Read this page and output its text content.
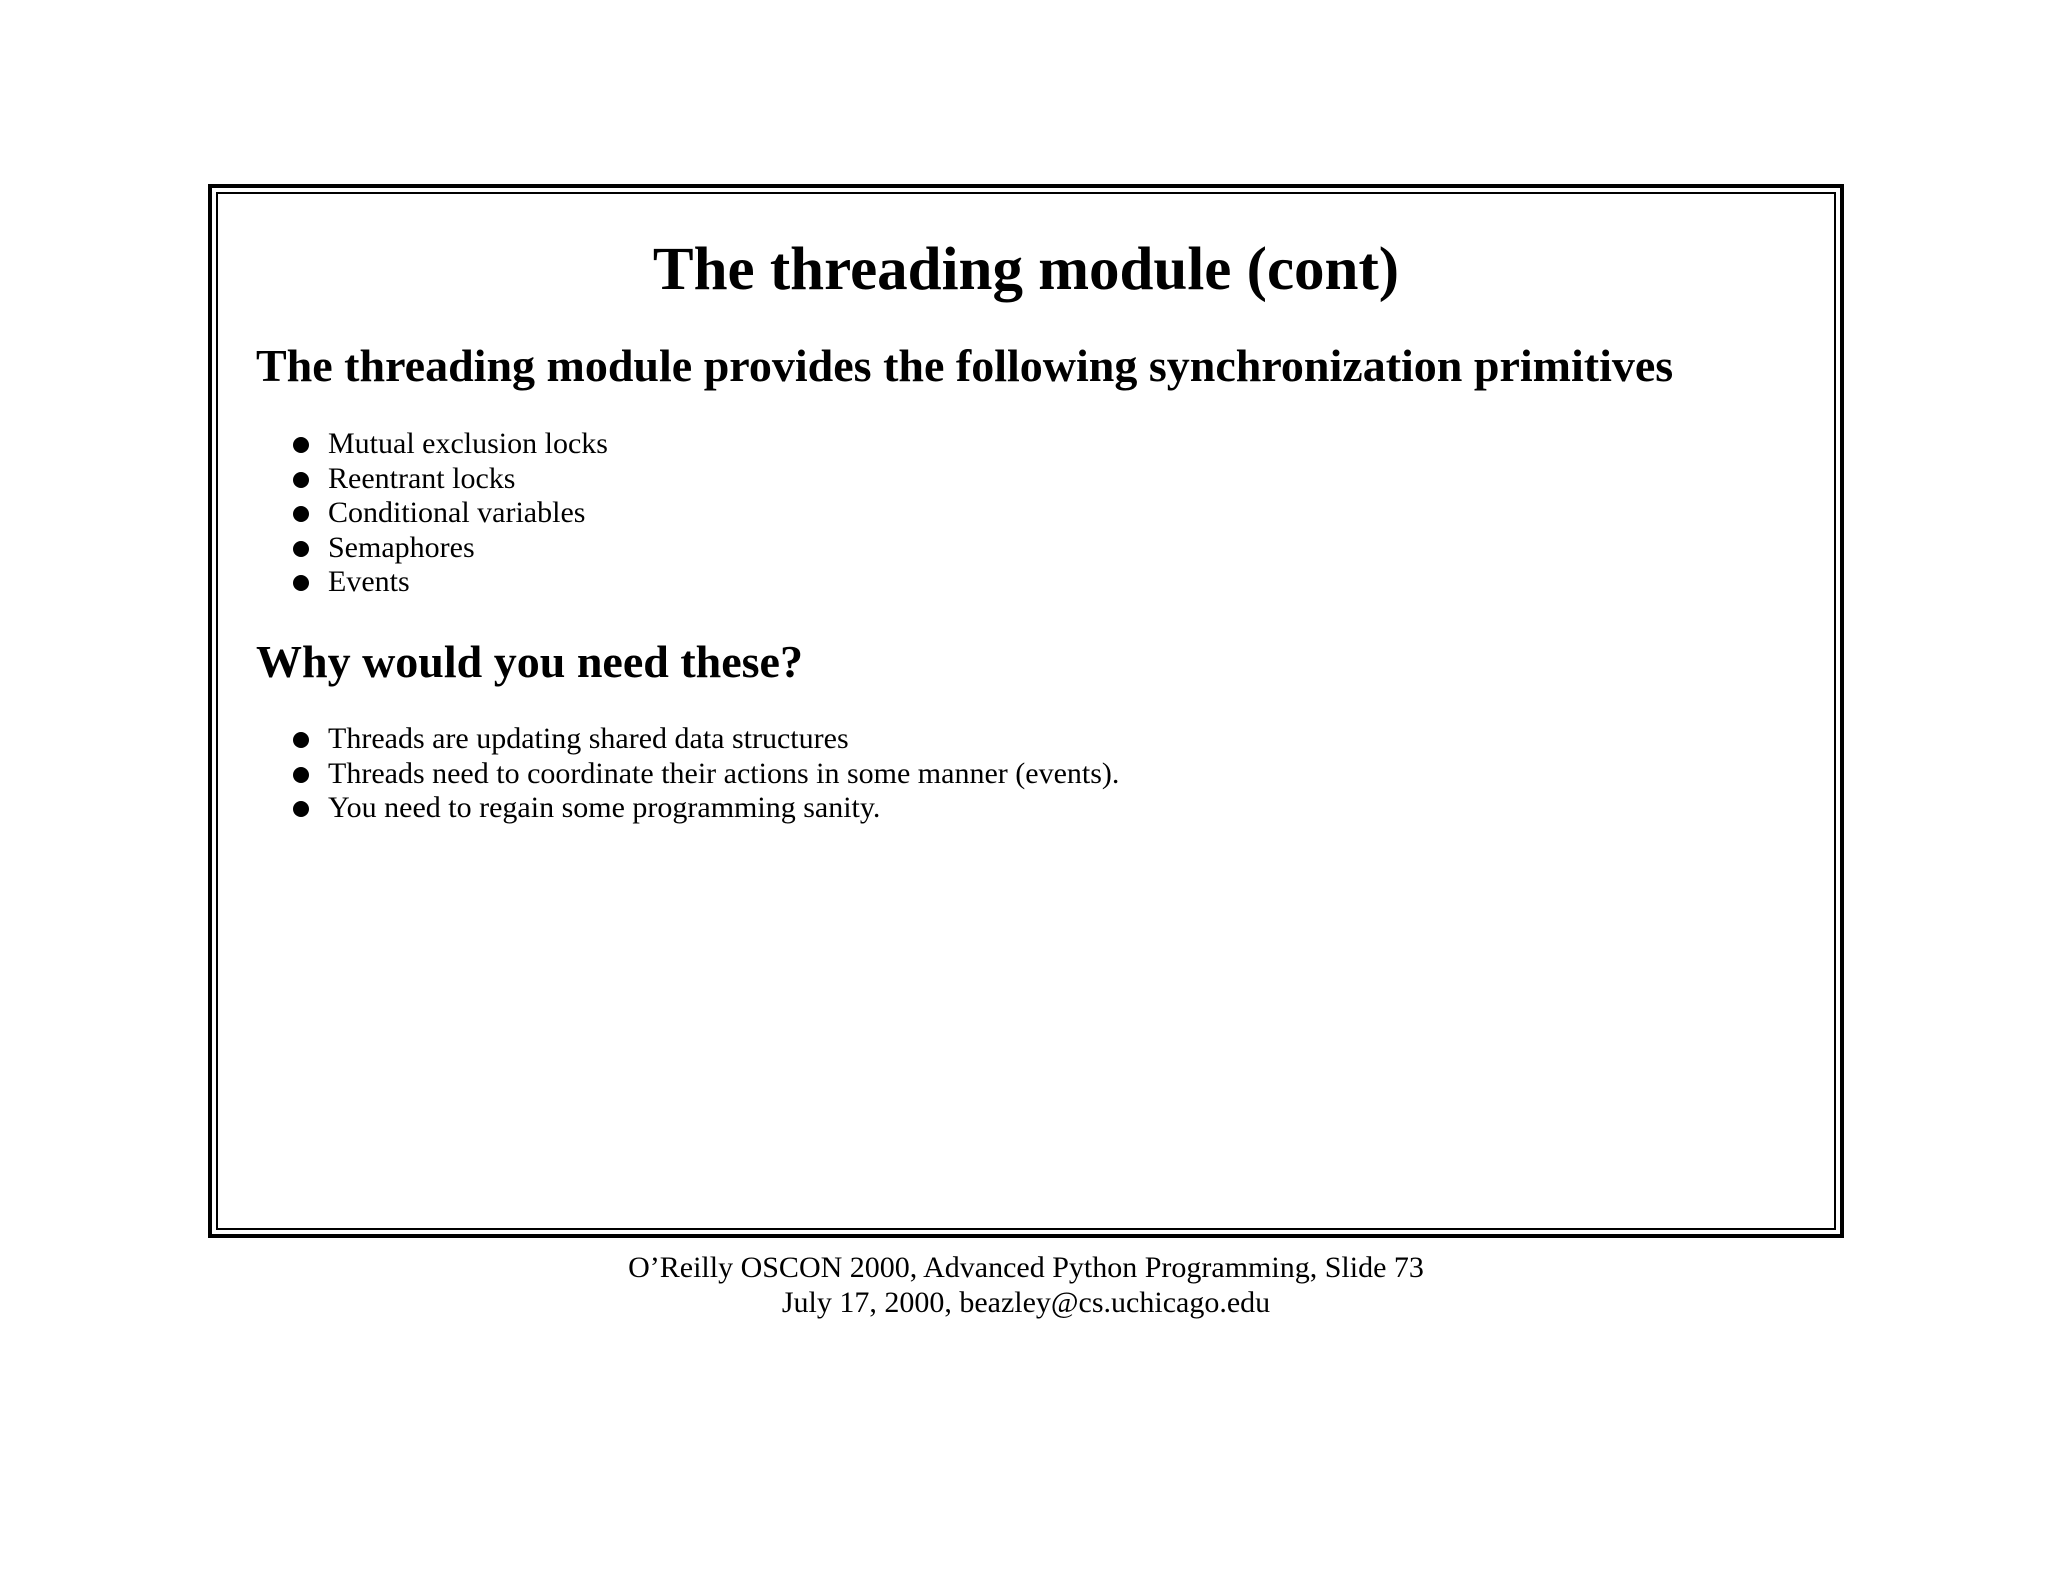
The threading module (cont)
The threading module provides the following synchronization primitives
Mutual exclusion locks
Reentrant locks
Conditional variables
Semaphores
Events
Why would you need these?
Threads are updating shared data structures
Threads need to coordinate their actions in some manner (events).
You need to regain some programming sanity.
O’Reilly OSCON 2000, Advanced Python Programming, Slide 73
July 17, 2000, beazley@cs.uchicago.edu
